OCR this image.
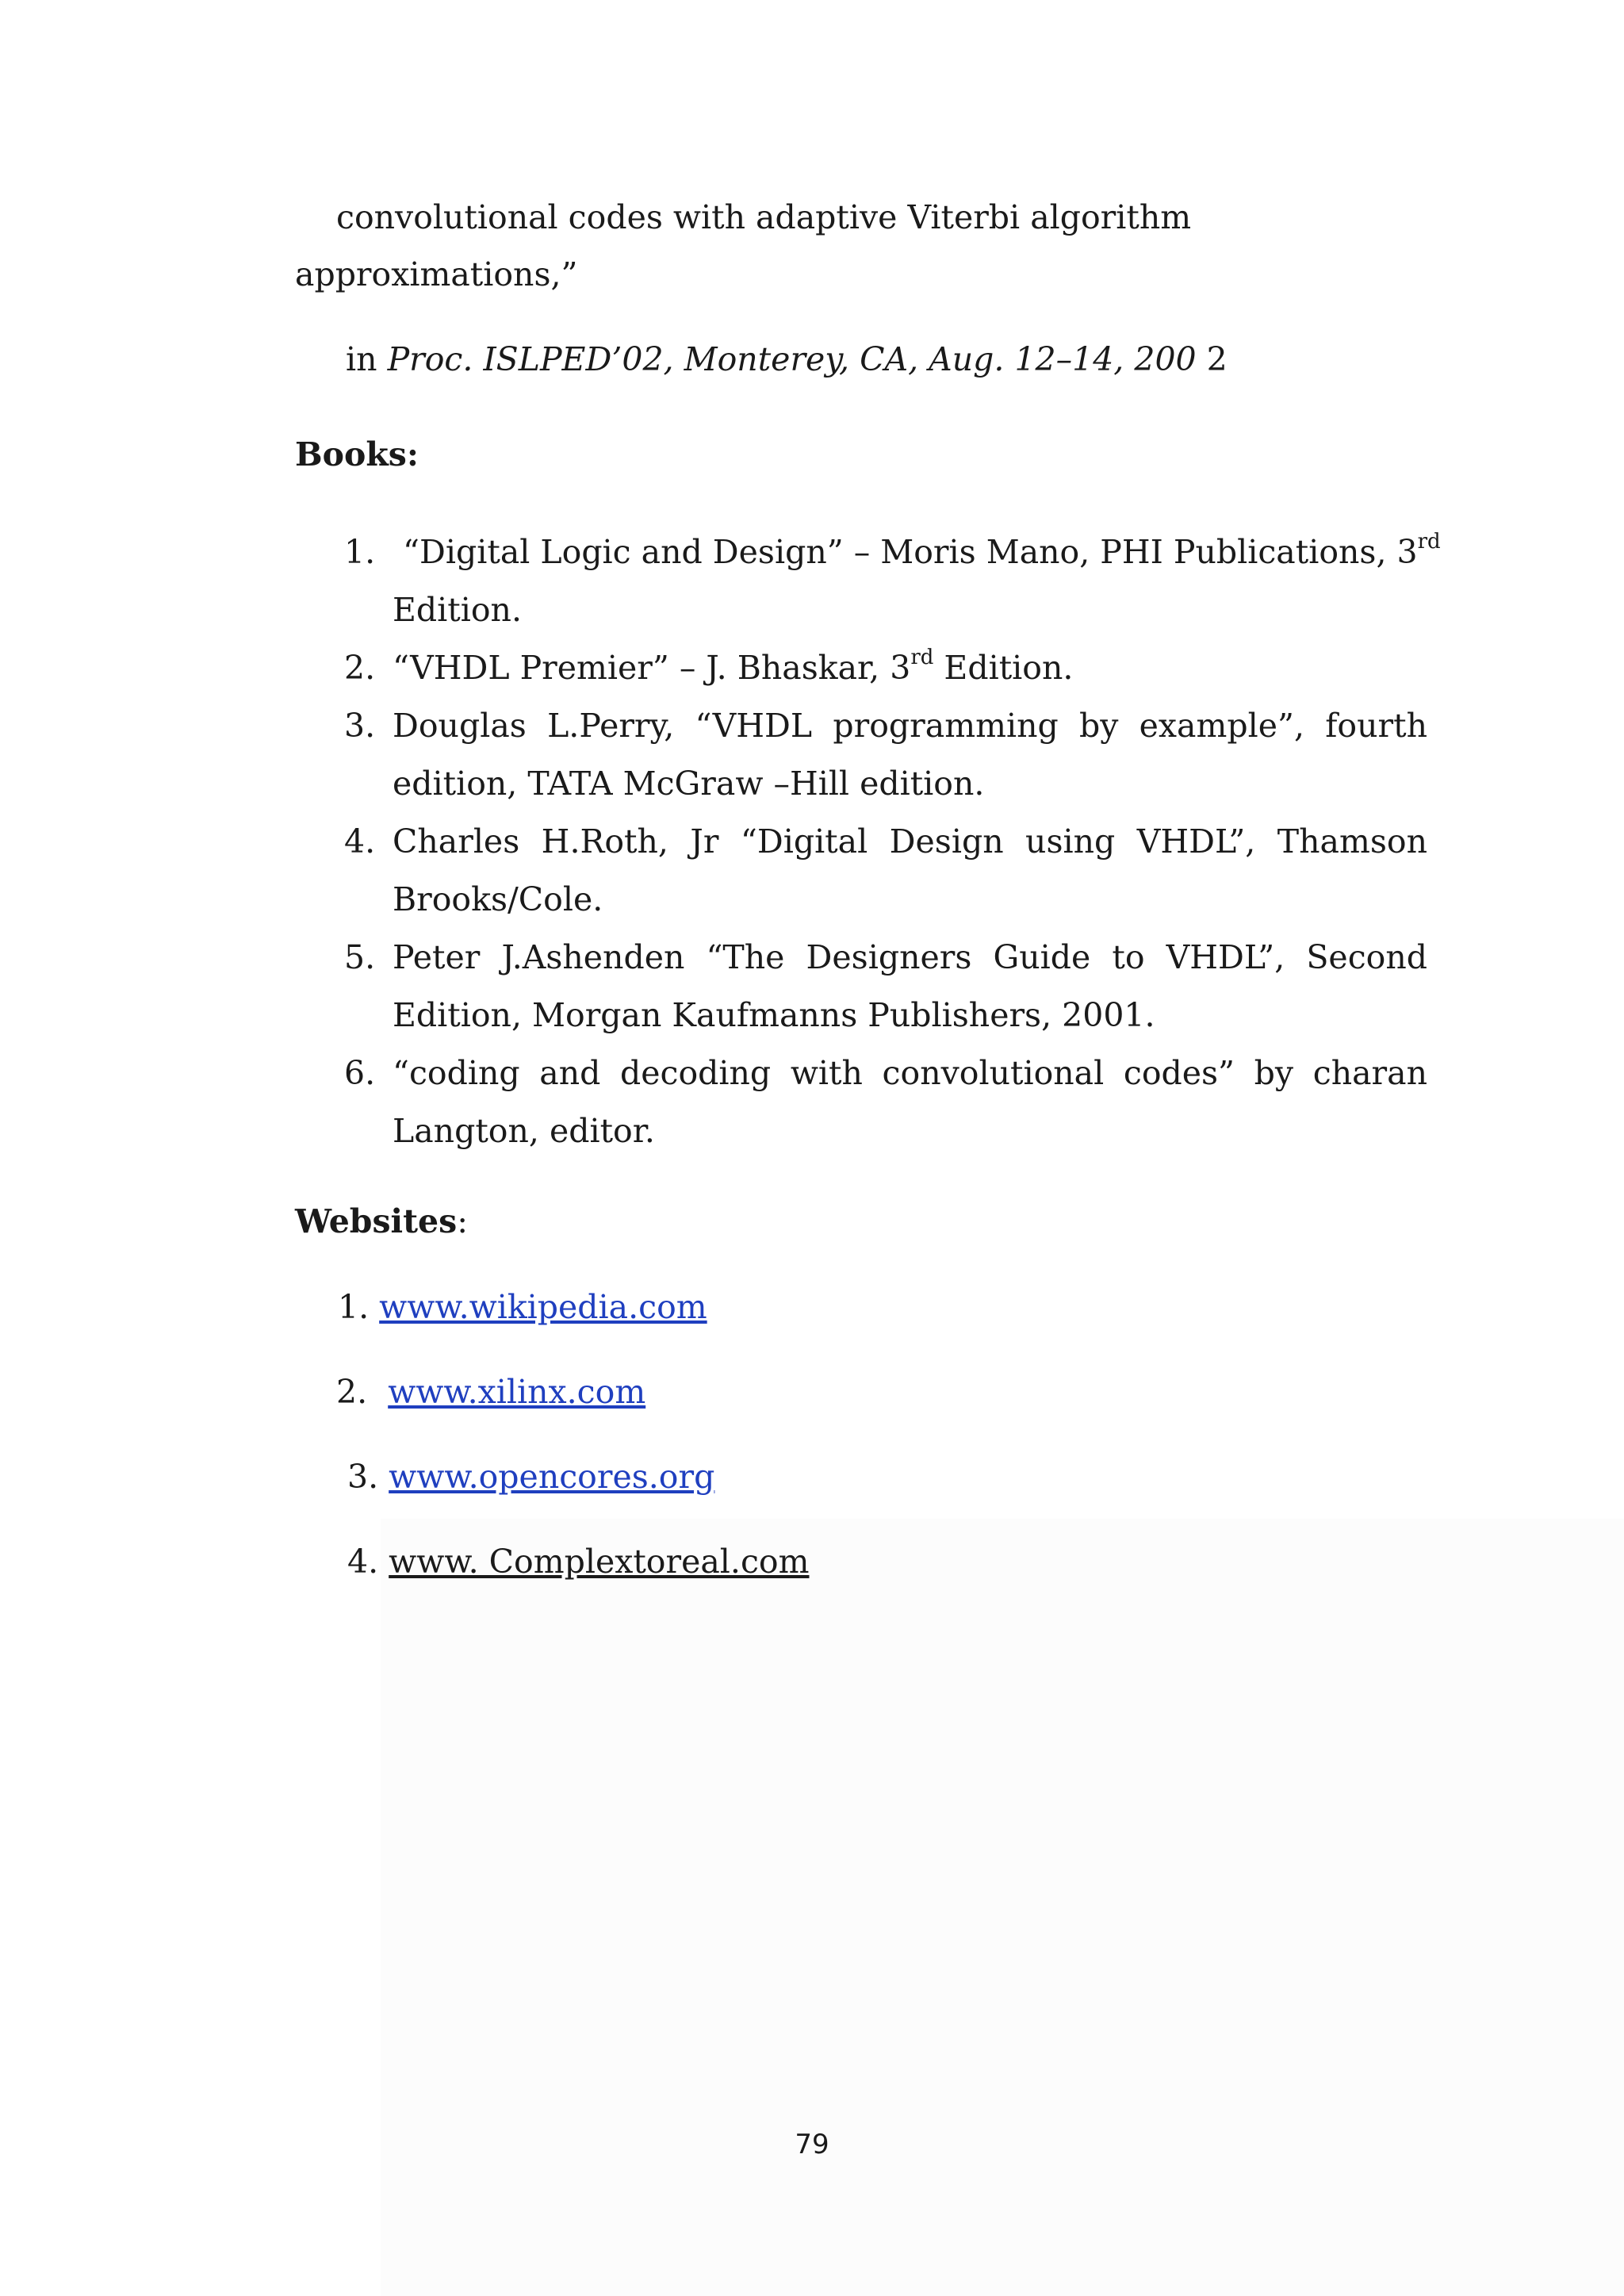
convolutional codes with adaptive Viterbi algorithm
approximations,”
in Proc. ISLPED’02, Monterey, CA, Aug. 12–14, 200 2
Books:
1. “Digital Logic and Design” – Moris Mano, PHI Publications, 3rd
Edition.
2. “VHDL Premier” – J. Bhaskar, 3rd Edition.
3. Douglas L.Perry, “VHDL programming by example”, fourth
edition, TATA McGraw –Hill edition.
4. Charles H.Roth, Jr “Digital Design using VHDL”, Thamson
Brooks/Cole.
5. Peter J.Ashenden “The Designers Guide to VHDL”, Second
Edition, Morgan Kaufmanns Publishers, 2001.
6. “coding and decoding with convolutional codes” by charan
Langton, editor.
Websites:
1. www.wikipedia.com
2. www.xilinx.com
3. www.opencores.org
4. www. Complextoreal.com
79
